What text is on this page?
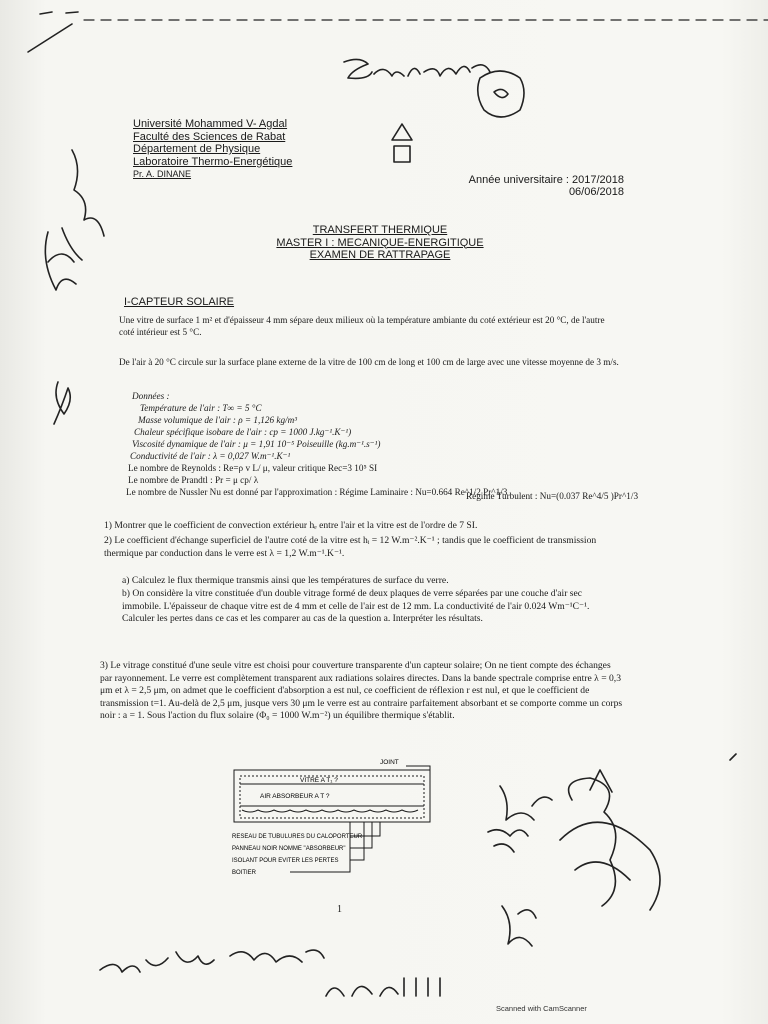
Université Mohammed V- Agdal
Faculté des Sciences de Rabat
Département de Physique
Laboratoire Thermo-Energétique
Pr. A. DINANE	Année universitaire : 2017/2018
06/06/2018
TRANSFERT THERMIQUE
MASTER I : MECANIQUE-ENERGITIQUE
EXAMEN DE RATTRAPAGE
I-CAPTEUR SOLAIRE
Une vitre de surface 1 m² et d'épaisseur 4 mm sépare deux milieux où la température ambiante du coté extérieur est 20 °C, de l'autre coté intérieur est 5 °C.
De l'air à 20 °C circule sur la surface plane externe de la vitre de 100 cm de long et 100 cm de large avec une vitesse moyenne de 3 m/s.
Données :
Température de l'air : T∞ = 5 °C
Masse volumique de l'air : ρ = 1,126 kg/m³
Chaleur spécifique isobare de l'air : cp = 1000 J.kg⁻¹.K⁻¹)
Viscosité dynamique de l'air : μ = 1,91 10⁻⁵ Poiseuille (kg.m⁻¹.s⁻¹)
Conductivité de l'air : λ = 0,027 W.m⁻¹.K⁻¹
Le nombre de Reynolds : Re=ρ v L/ μ, valeur critique Rec=3 10⁵ SI
Le nombre de Prandtl : Pr = μ cp/ λ
Le nombre de Nussler Nu est donné par l'approximation : Régime Laminaire : Nu=0.664 Re^1/2 Pr^1/3
Régime Turbulent : Nu=(0.037 Re^4/5 )Pr^1/3
1) Montrer que le coefficient de convection extérieur hₑ entre l'air et la vitre est de l'ordre de 7 SI.
2) Le coefficient d'échange superficiel de l'autre coté de la vitre est hᵢ = 12 W.m⁻².K⁻¹ ; tandis que le coefficient de transmission thermique par conduction dans le verre est λ = 1,2 W.m⁻¹.K⁻¹.
a) Calculez le flux thermique transmis ainsi que les températures de surface du verre.
b) On considère la vitre constituée d'un double vitrage formé de deux plaques de verre séparées par une couche d'air sec immobile. L'épaisseur de chaque vitre est de 4 mm et celle de l'air est de 12 mm. La conductivité de l'air 0.024 Wm⁻¹C⁻¹. Calculer les pertes dans ce cas et les comparer au cas de la question a. Interpréter les résultats.
3) Le vitrage constitué d'une seule vitre est choisi pour couverture transparente d'un capteur solaire; On ne tient compte des échanges par rayonnement. Le verre est complètement transparent aux radiations solaires directes. Dans la bande spectrale comprise entre λ = 0,3 μm et λ = 2,5 μm, on admet que le coefficient d'absorption a est nul, ce coefficient de réflexion r est nul, et que le coefficient de transmission t=1. Au-delà de 2,5 μm, jusque vers 30 μm le verre est au contraire parfaitement absorbant et se comporte comme un corps noir : a = 1. Sous l'action du flux solaire (Φ₀ = 1000 W.m⁻²) un équilibre thermique s'établit.
JOINT
VITRE A T₁ ?
AIR ABSORBEUR A T ?
RESEAU DE TUBULURES DU CALOPORTEUR
PANNEAU NOIR NOMME "ABSORBEUR"
ISOLANT POUR EVITER LES PERTES
BOITIER
1
Scanned with CamScanner
